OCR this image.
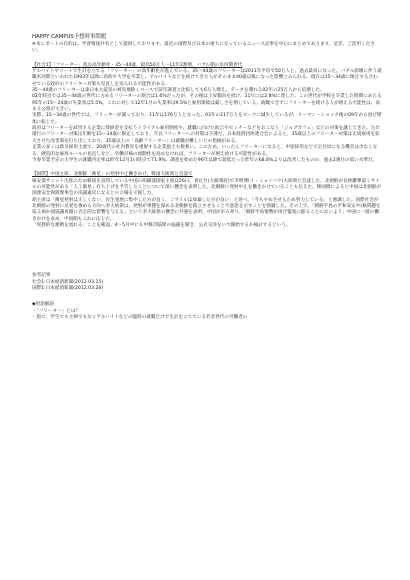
HAPPY CAMPUS予想時事問題

※本レポートの目的は、学習情報共有として提供しております。最近の国際及び日本の重大になっているニュース記事を中心にまとめてあります。是非、ご活用ください。

【社会1】「フリーター」進む高年齢化・35〜44歳、最高50万人〜11年2割増、バブル期の氷河期世代

アルバイトやパートで生計を立てる「フリーター」の高年齢化が進んでいる。35〜44歳のフリーターは2011年平均で50万人と、過去最高になった。バブル崩壊に伴う就職氷河期といわれた1993年以降に高校や大学を卒業し、アルバイトなどを続けてきた人がそのまま40歳以後になった影響とみられる。現在は15〜34歳に限定する合わせている政府のフリーター対策も見直しを迫られる可能性がある。

35〜44歳のフリーターは東日本大震災の被災地除くベースで前年調査と比較しても6万人増え、データを遡れる02年の25万人から倍増した。

02年時点では35〜44歳の世代に占めるフリーターの割合は1.6%だったが、その後は上昇傾向を続け、11年には2.8%に達した。この世代が学校を卒業した時期にあたる95年の15〜24歳の失業率は5.5%。これに対して12年1月の失業率は9.5%と雇用環境は厳しさを増している。就職できずにフリーターを続ける人が増える可能性は、高まる公算が大きい。

実際、15〜34歳の世代では、フリーターが減っており、11年は176万人となった。03年の217万人をピークに減少しているが、リーマン・ショック後の09年から再び増加に転じた。

政府はフリーターを試用する企業に奨励金を支払うトライアル雇用制度や、就職に向けた助言やセミナーなどをおこなう「ジョブカフェ」などの対策を講じてきた。ただ現行のフリーター対策は年齢を15〜34歳に限定しており、年長フリーターへの対策は手薄だ。日本経済団体連合会によると、35歳以上のフリーター対策は正規雇用を拡大させた改善策を打ち出しており、35歳以上の「高齢フリーター」は就職が難しいとの指摘がある。

企業の多くは新卒採用主流で、20歳代の社内教育を重視する企業風土も根強い。このため、いったんフリーターになると、中途採用などで正社員になる機会は少なくなる。硬直的な雇用ルールの見直しなど、労働市場の流動性を高めなければ、フリーターが増え続ける可能性がある。

今春卒業予定の大学生の就職内定率は昨年12月1日時点で71.9%。調査を始めた96年以降で最低だった昨年の68.8%よりは改善したものの、過去2番目の低い水準だ。

【国際】中国主席、北朝鮮「衛星」の発射中止働きかけ、韓国大統領と会談で

核安保サミット出席のため韓国を訪問している中国の胡錦濤国家主席は26日、青瓦台(大統領府)で李明博(イ・ミョンバク)大統領と会談した。北朝鮮が長距離弾道ミサイルの可能性がある「人工衛星」打ち上げを予告したことについて深い懸念を表明した。北朝鮮に発射中止を働きかけていることも伝えた。韓国側によると中国は北朝鮮が国連安全保障理事会の決議違反になるとの立場を示唆した。

胡主席は「衛星発射は正しくない。民生発展に集中した方が良く、ミサイルは放棄した方が良い」と述べ、「今もやめさせるため努力している」と強調した。国際社会が北朝鮮の発射に反発を強める方向へ李大統領は、発射が事態を深める北朝鮮を孤立させることで意思を示すことを強調した。その上で、「朝鮮半島の平和安定や(核問題を巡る)6か国協議再開に否定的な影響を与える」という李大統領の懸念に共感を表明。中国が歩み寄り、「朝鮮半島情勢が再び緊張に陥ることのないよう」中国に一層の働きかけを求め、中国側もこれに応じた。

「実務的な連携を図れる」ことを確認。4〜5月中にも中韓首脳間の協議を開き、公式交渉をいつ開始するか検討するという。

参考記事
社会1:日本経済新聞(2012.03.15)
国際1:日本経済新聞(2012.03.26)
◆用語解説
・「フリーター」とは？
一般に、学生でも主婦でもなくアルバイトなどの臨時の就職だけで生計を立てている若者世代の労働者の
